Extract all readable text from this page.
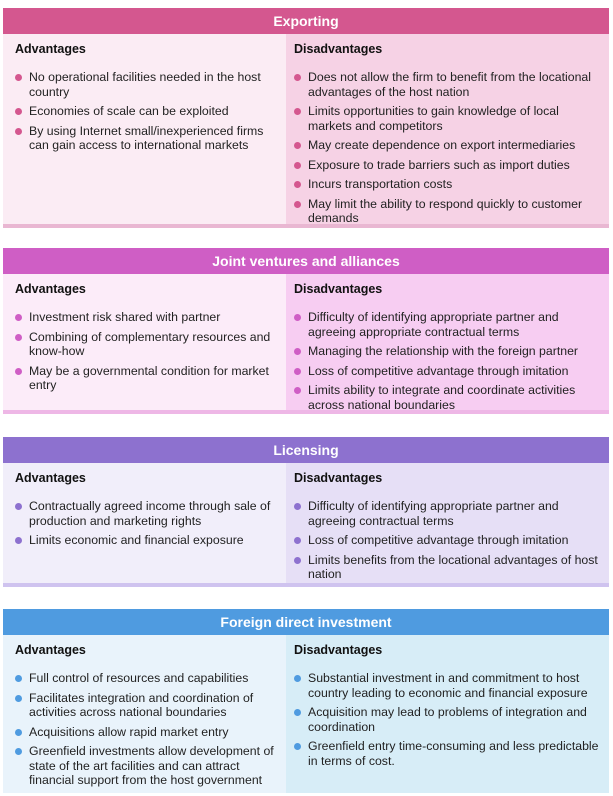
Exporting
Advantages
No operational facilities needed in the host country
Economies of scale can be exploited
By using Internet small/inexperienced firms can gain access to international markets
Disadvantages
Does not allow the firm to benefit from the locational advantages of the host nation
Limits opportunities to gain knowledge of local markets and competitors
May create dependence on export intermediaries
Exposure to trade barriers such as import duties
Incurs transportation costs
May limit the ability to respond quickly to customer demands
Joint ventures and alliances
Advantages
Investment risk shared with partner
Combining of complementary resources and know-how
May be a governmental condition for market entry
Disadvantages
Difficulty of identifying appropriate partner and agreeing appropriate contractual terms
Managing the relationship with the foreign partner
Loss of competitive advantage through imitation
Limits ability to integrate and coordinate activities across national boundaries
Licensing
Advantages
Contractually agreed income through sale of production and marketing rights
Limits economic and financial exposure
Disadvantages
Difficulty of identifying appropriate partner and agreeing contractual terms
Loss of competitive advantage through imitation
Limits benefits from the locational advantages of host nation
Foreign direct investment
Advantages
Full control of resources and capabilities
Facilitates integration and coordination of activities across national boundaries
Acquisitions allow rapid market entry
Greenfield investments allow development of state of the art facilities and can attract financial support from the host government
Disadvantages
Substantial investment in and commitment to host country leading to economic and financial exposure
Acquisition may lead to problems of integration and coordination
Greenfield entry time-consuming and less predictable in terms of cost.
